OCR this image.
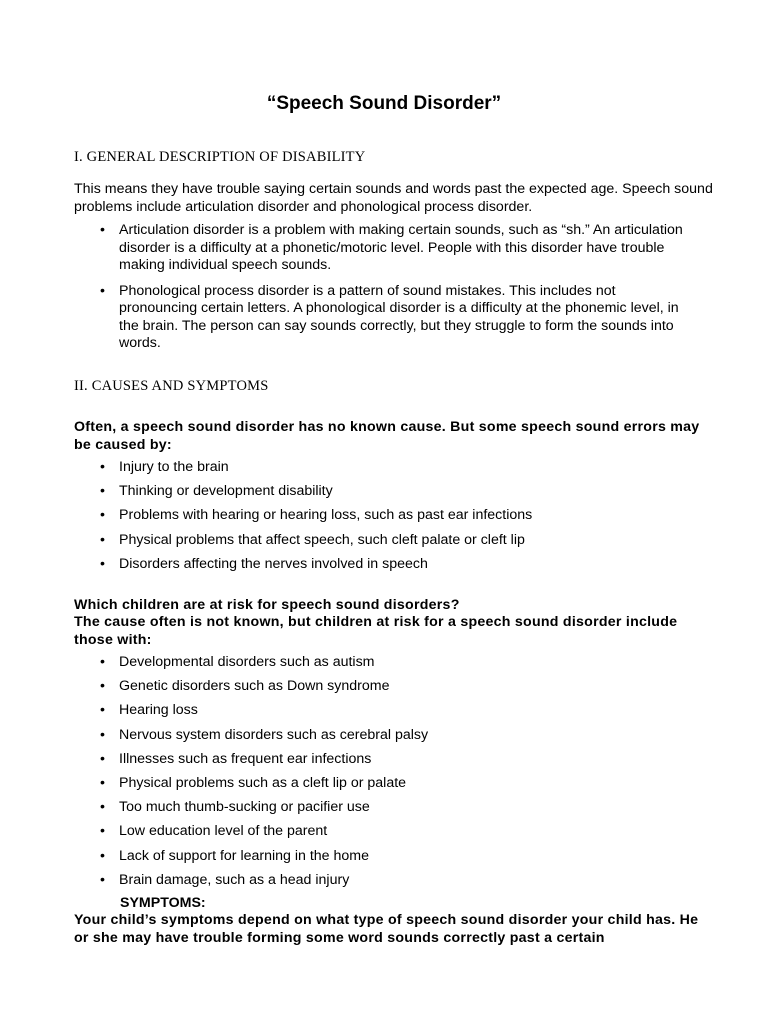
“Speech Sound Disorder”
I. GENERAL DESCRIPTION OF DISABILITY
This means they have trouble saying certain sounds and words past the expected age. Speech sound problems include articulation disorder and phonological process disorder.
• Articulation disorder is a problem with making certain sounds, such as “sh.” An articulation disorder is a difficulty at a phonetic/motoric level. People with this disorder have trouble making individual speech sounds.
• Phonological process disorder is a pattern of sound mistakes. This includes not pronouncing certain letters. A phonological disorder is a difficulty at the phonemic level, in the brain. The person can say sounds correctly, but they struggle to form the sounds into words.
II. CAUSES AND SYMPTOMS
Often, a speech sound disorder has no known cause. But some speech sound errors may be caused by:
• Injury to the brain
• Thinking or development disability
• Problems with hearing or hearing loss, such as past ear infections
• Physical problems that affect speech, such cleft palate or cleft lip
• Disorders affecting the nerves involved in speech
Which children are at risk for speech sound disorders?
The cause often is not known, but children at risk for a speech sound disorder include those with:
• Developmental disorders such as autism
• Genetic disorders such as Down syndrome
• Hearing loss
• Nervous system disorders such as cerebral palsy
• Illnesses such as frequent ear infections
• Physical problems such as a cleft lip or palate
• Too much thumb-sucking or pacifier use
• Low education level of the parent
• Lack of support for learning in the home
• Brain damage, such as a head injury
SYMPTOMS:
Your child’s symptoms depend on what type of speech sound disorder your child has. He or she may have trouble forming some word sounds correctly past a certain
